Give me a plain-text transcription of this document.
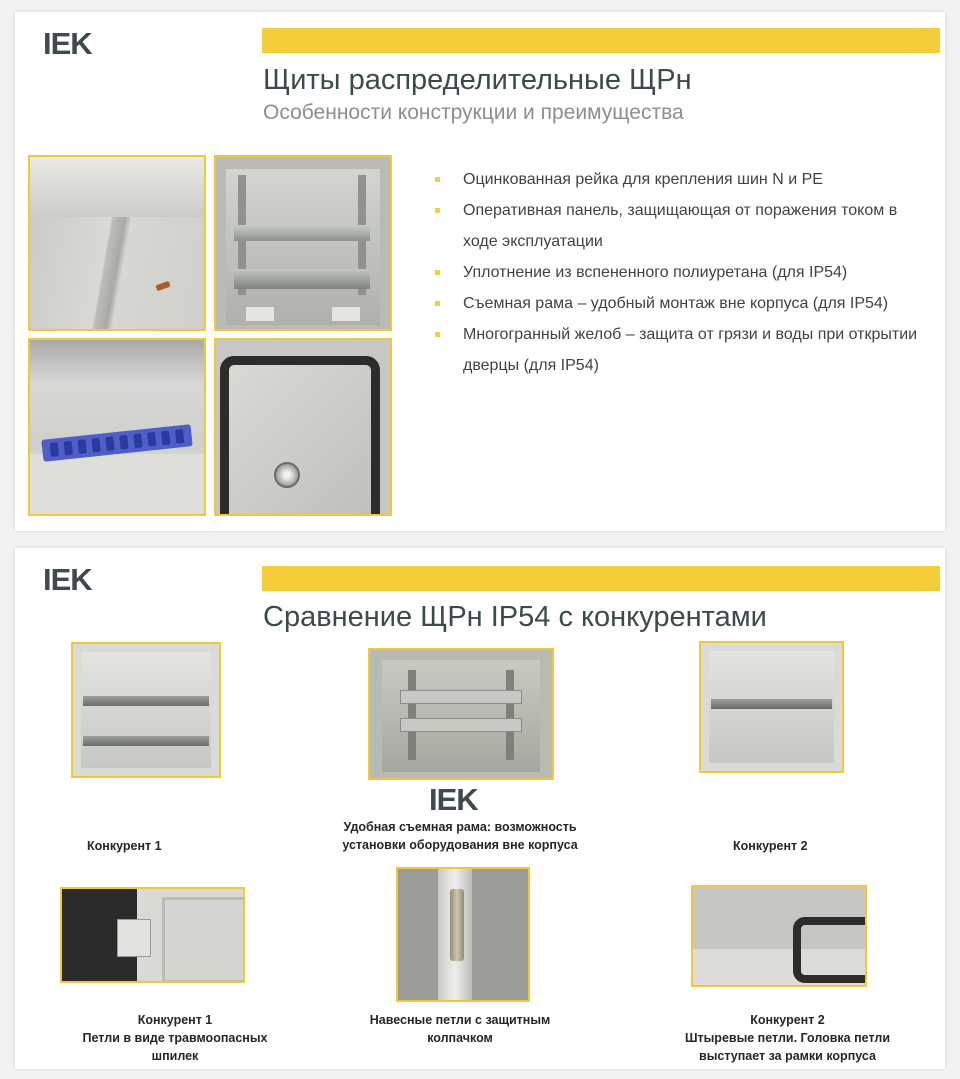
IEK
Щиты распределительные ЩРн
Особенности конструкции и преимущества
Оцинкованная рейка для крепления шин N и PE
Оперативная панель, защищающая от поражения током в ходе эксплуатации
Уплотнение из вспененного полиуретана (для IP54)
Съемная рама – удобный монтаж вне корпуса (для IP54)
Многогранный желоб – защита от грязи и воды при открытии дверцы (для IP54)
IEK
Сравнение ЩРн IP54 с конкурентами
IEK
Конкурент 1
Удобная съемная рама: возможность
установки оборудования вне корпуса	Конкурент 2
Конкурент 1
Петли в виде травмоопасных
шпилек
Навесные петли с защитным
колпачком
Конкурент 2
Штыревые петли. Головка петли
выступает за рамки корпуса
